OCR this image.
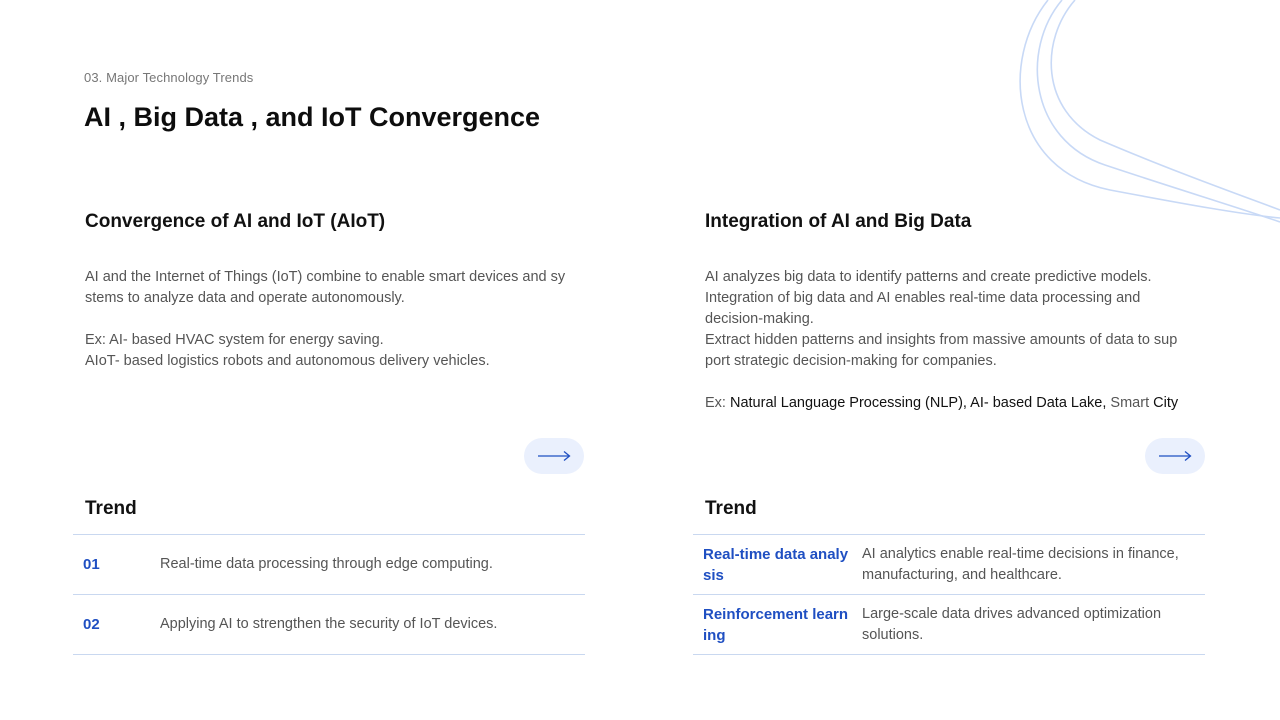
03. Major Technology Trends
AI , Big Data , and IoT Convergence
Convergence of AI and IoT (AIoT)

AI and the Internet of Things (IoT) combine to enable smart devices and sy

stems to analyze data and operate autonomously.

Ex: AI- based HVAC system for energy saving.

AIoT- based logistics robots and autonomous delivery vehicles.

Trend
01	Real-time data processing through edge computing.
02	Applying AI to strengthen the security of IoT devices.
Integration of AI and Big Data

AI analyzes big data to identify patterns and create predictive models.

Integration of big data and AI enables real-time data processing and

decision-making.

Extract hidden patterns and insights from massive amounts of data to sup

port strategic decision-making for companies.

Ex: Natural Language Processing (NLP), AI- based Data Lake, Smart City

Trend
Real-time data analy
sis
AI analytics enable real-time decisions in finance, manufacturing, and healthcare.
Reinforcement learn
ing
Large-scale data drives advanced optimization solutions.
